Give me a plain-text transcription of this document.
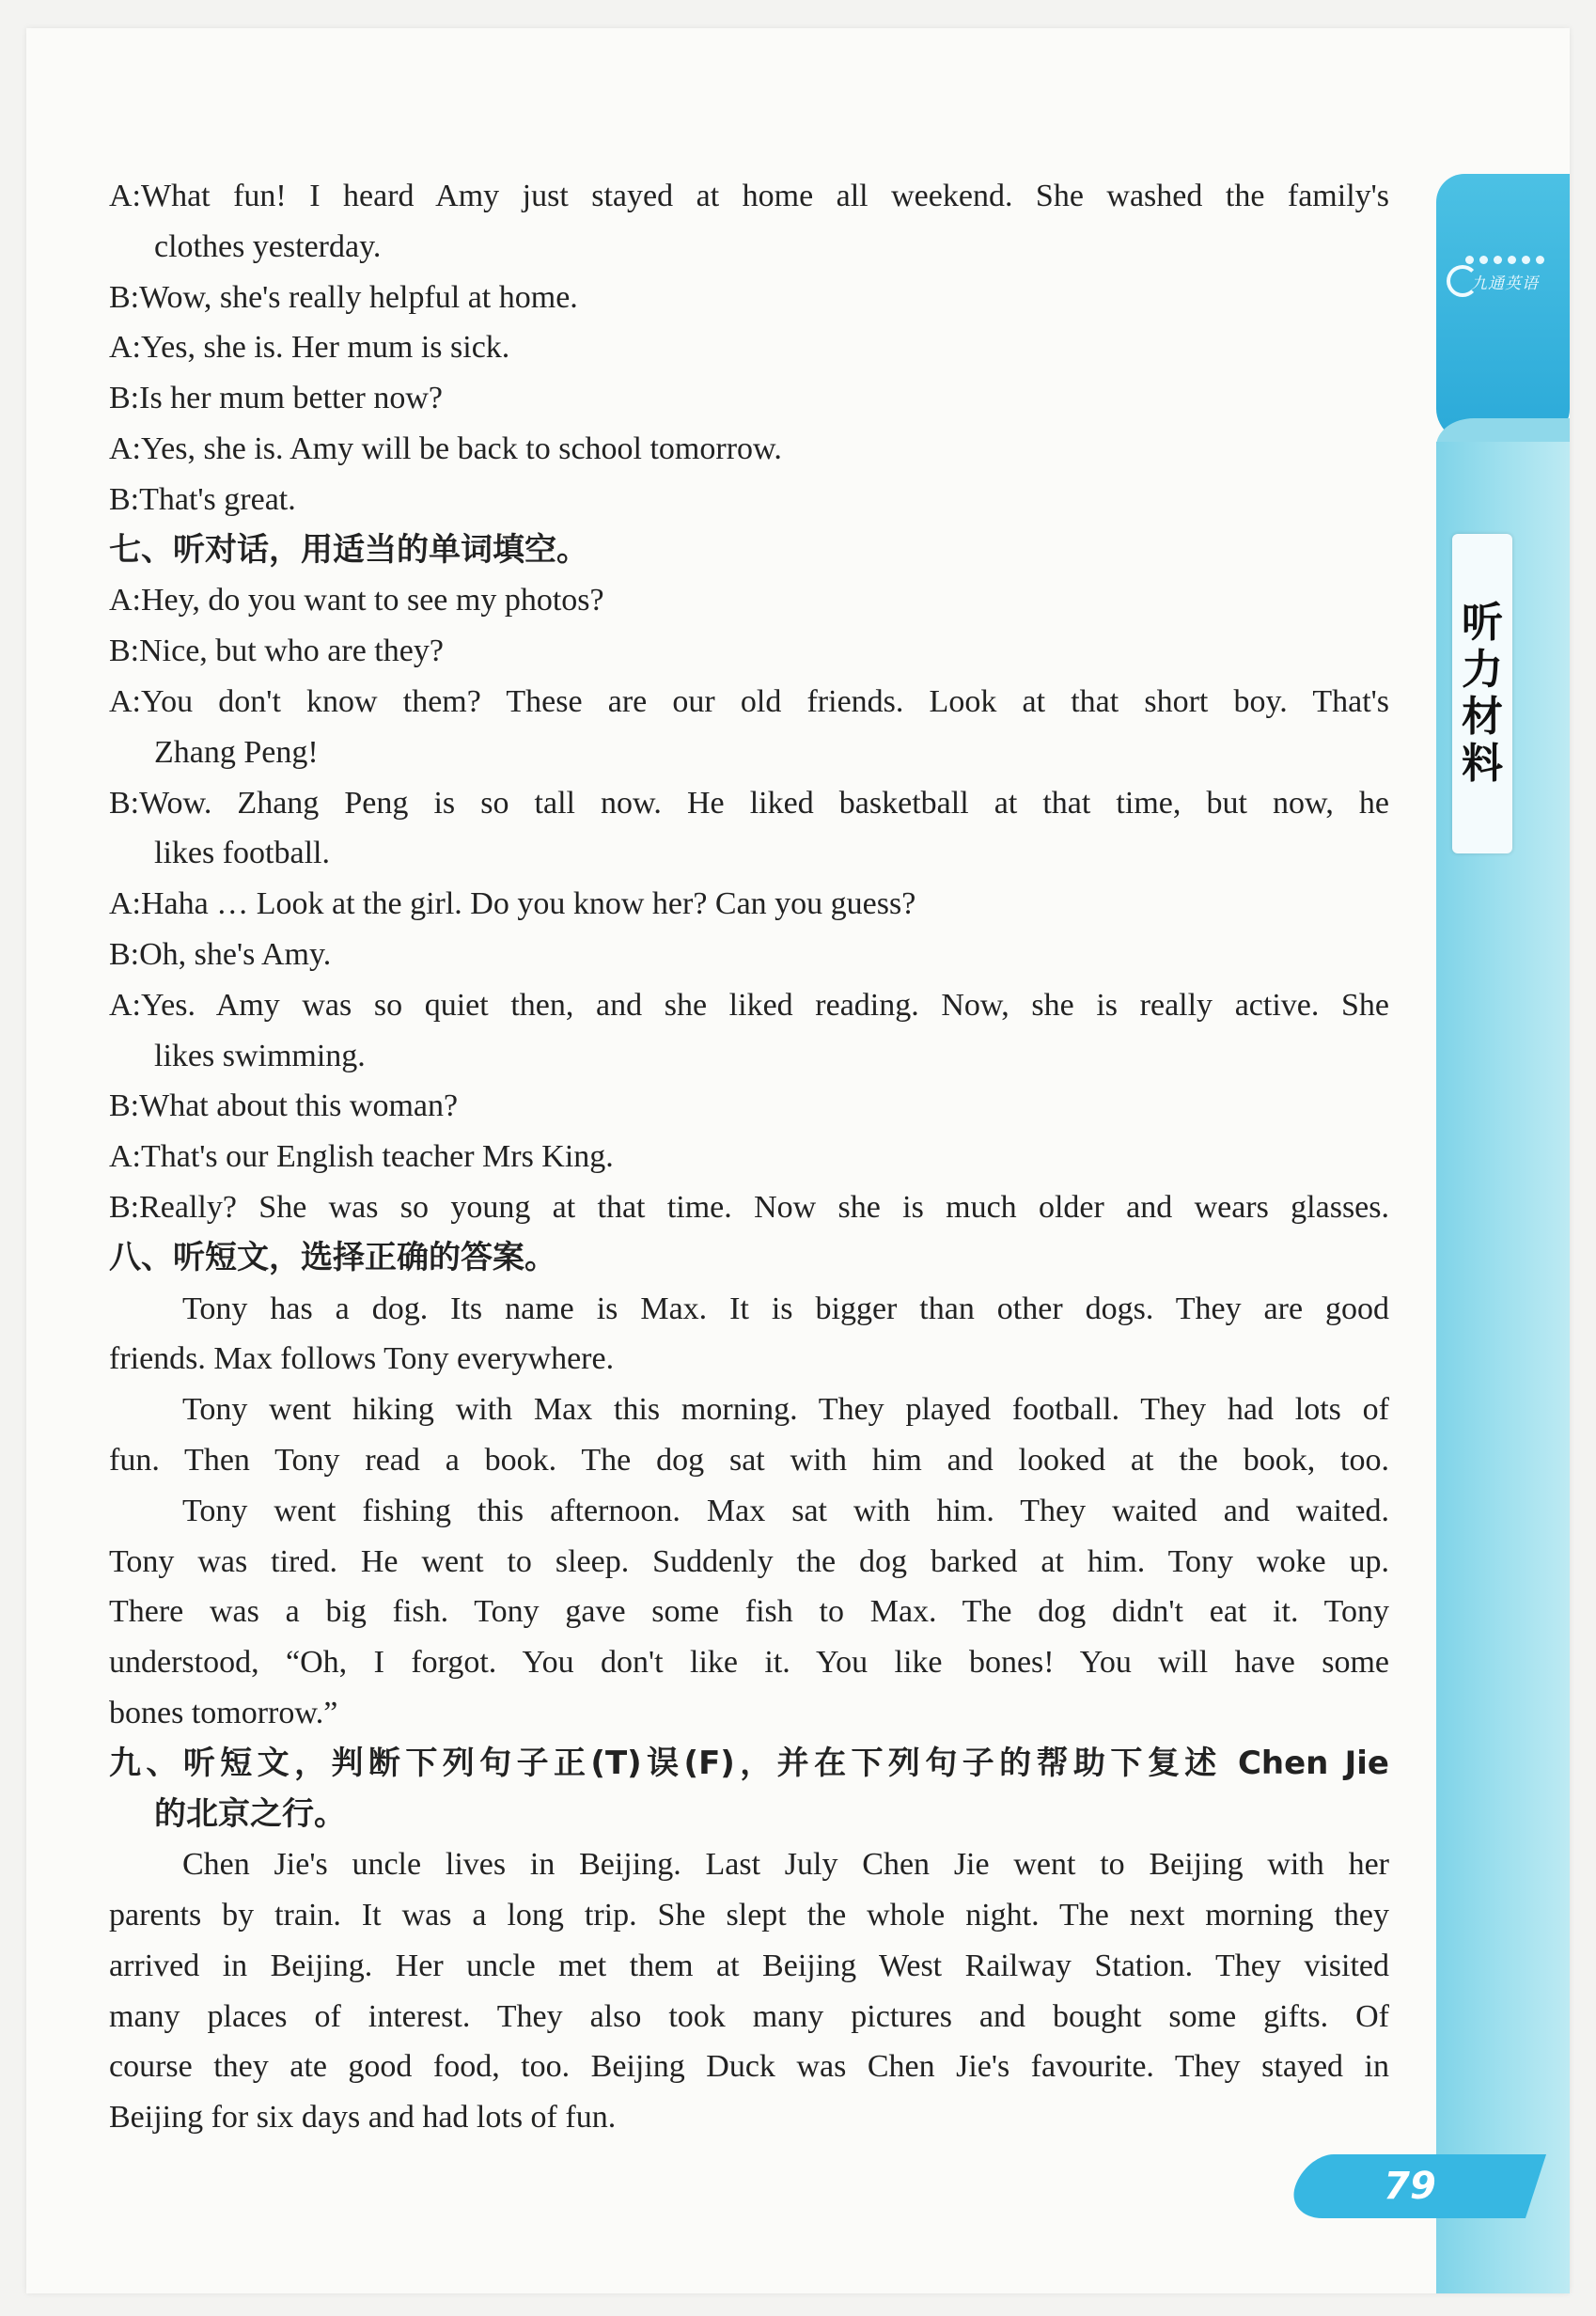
九通英语
听
力
材
料
79
A:What fun! I heard Amy just stayed at home all weekend. She washed the family's
clothes yesterday.
B:Wow, she's really helpful at home.
A:Yes, she is. Her mum is sick.
B:Is her mum better now?
A:Yes, she is. Amy will be back to school tomorrow.
B:That's great.
七、听对话，用适当的单词填空。
A:Hey, do you want to see my photos?
B:Nice, but who are they?
A:You don't know them? These are our old friends. Look at that short boy. That's
Zhang Peng!
B:Wow. Zhang Peng is so tall now. He liked basketball at that time, but now, he
likes football.
A:Haha … Look at the girl. Do you know her? Can you guess?
B:Oh, she's Amy.
A:Yes. Amy was so quiet then, and she liked reading. Now, she is really active. She
likes swimming.
B:What about this woman?
A:That's our English teacher Mrs King.
B:Really? She was so young at that time. Now she is much older and wears glasses.
八、听短文，选择正确的答案。
Tony has a dog. Its name is Max. It is bigger than other dogs. They are good
friends. Max follows Tony everywhere.
Tony went hiking with Max this morning. They played football. They had lots of
fun. Then Tony read a book. The dog sat with him and looked at the book, too.
Tony went fishing this afternoon. Max sat with him. They waited and waited.
Tony was tired. He went to sleep. Suddenly the dog barked at him. Tony woke up.
There was a big fish. Tony gave some fish to Max. The dog didn't eat it. Tony
understood, “Oh, I forgot. You don't like it. You like bones! You will have some
bones tomorrow.”
九、听短文，判断下列句子正(T)误(F)，并在下列句子的帮助下复述 Chen Jie
的北京之行。
Chen Jie's uncle lives in Beijing. Last July Chen Jie went to Beijing with her
parents by train. It was a long trip. She slept the whole night. The next morning they
arrived in Beijing. Her uncle met them at Beijing West Railway Station. They visited
many places of interest. They also took many pictures and bought some gifts. Of
course they ate good food, too. Beijing Duck was Chen Jie's favourite. They stayed in
Beijing for six days and had lots of fun.
